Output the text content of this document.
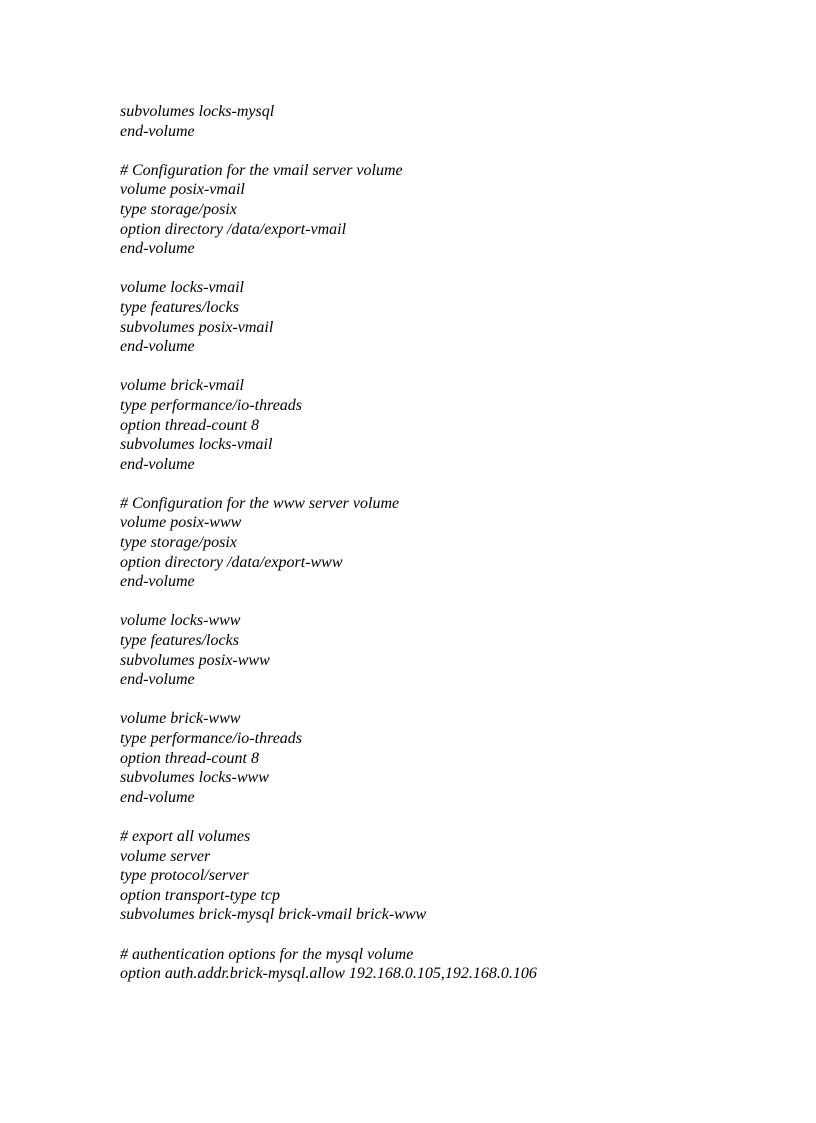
subvolumes locks-mysql
end-volume
# Configuration for the vmail server volume
volume posix-vmail
type storage/posix
option directory /data/export-vmail
end-volume
volume locks-vmail
type features/locks
subvolumes posix-vmail
end-volume
volume brick-vmail
type performance/io-threads
option thread-count 8
subvolumes locks-vmail
end-volume
# Configuration for the www server volume
volume posix-www
type storage/posix
option directory /data/export-www
end-volume
volume locks-www
type features/locks
subvolumes posix-www
end-volume
volume brick-www
type performance/io-threads
option thread-count 8
subvolumes locks-www
end-volume
# export all volumes
volume server
type protocol/server
option transport-type tcp
subvolumes brick-mysql brick-vmail brick-www
# authentication options for the mysql volume
option auth.addr.brick-mysql.allow 192.168.0.105,192.168.0.106
